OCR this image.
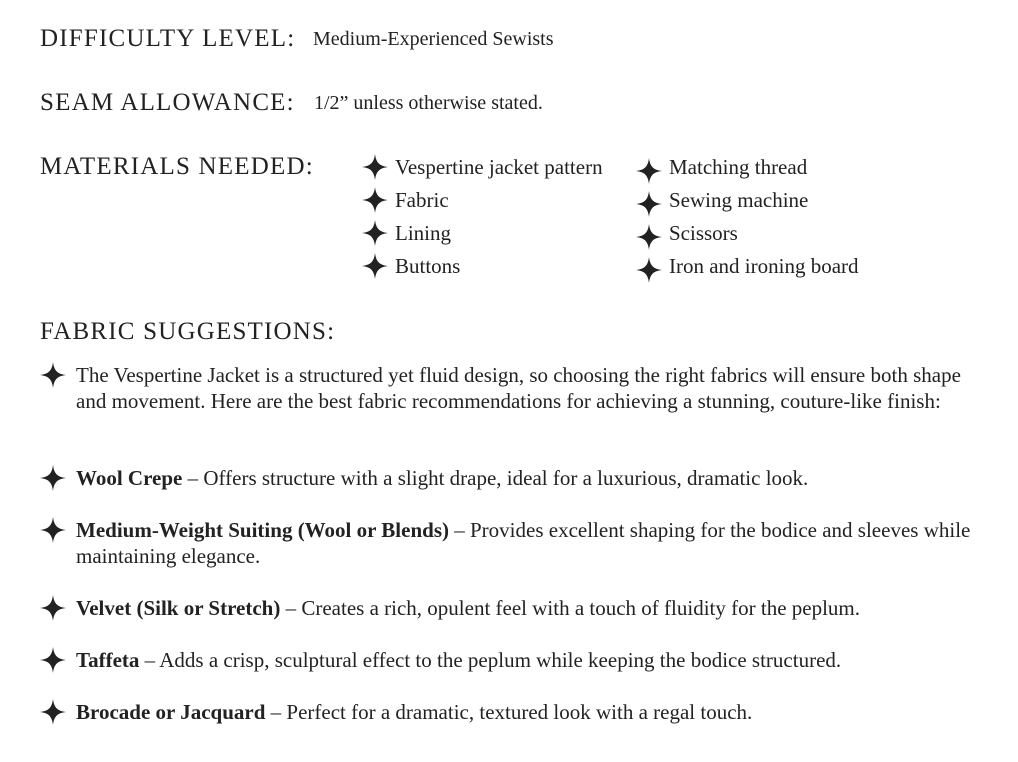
DIFFICULTY LEVEL: Medium-Experienced Sewists
SEAM ALLOWANCE: 1/2” unless otherwise stated.
MATERIALS NEEDED:	Vespertine jacket pattern
Fabric
Lining
Buttons
Matching thread
Sewing machine
Scissors
Iron and ironing board
FABRIC SUGGESTIONS:
The Vespertine Jacket is a structured yet fluid design, so choosing the right fabrics will ensure both shape and movement. Here are the best fabric recommendations for achieving a stunning, couture-like finish:
Wool Crepe – Offers structure with a slight drape, ideal for a luxurious, dramatic look.
Medium-Weight Suiting (Wool or Blends) – Provides excellent shaping for the bodice and sleeves while maintaining elegance.
Velvet (Silk or Stretch) – Creates a rich, opulent feel with a touch of fluidity for the peplum.
Taffeta – Adds a crisp, sculptural effect to the peplum while keeping the bodice structured.
Brocade or Jacquard – Perfect for a dramatic, textured look with a regal touch.
